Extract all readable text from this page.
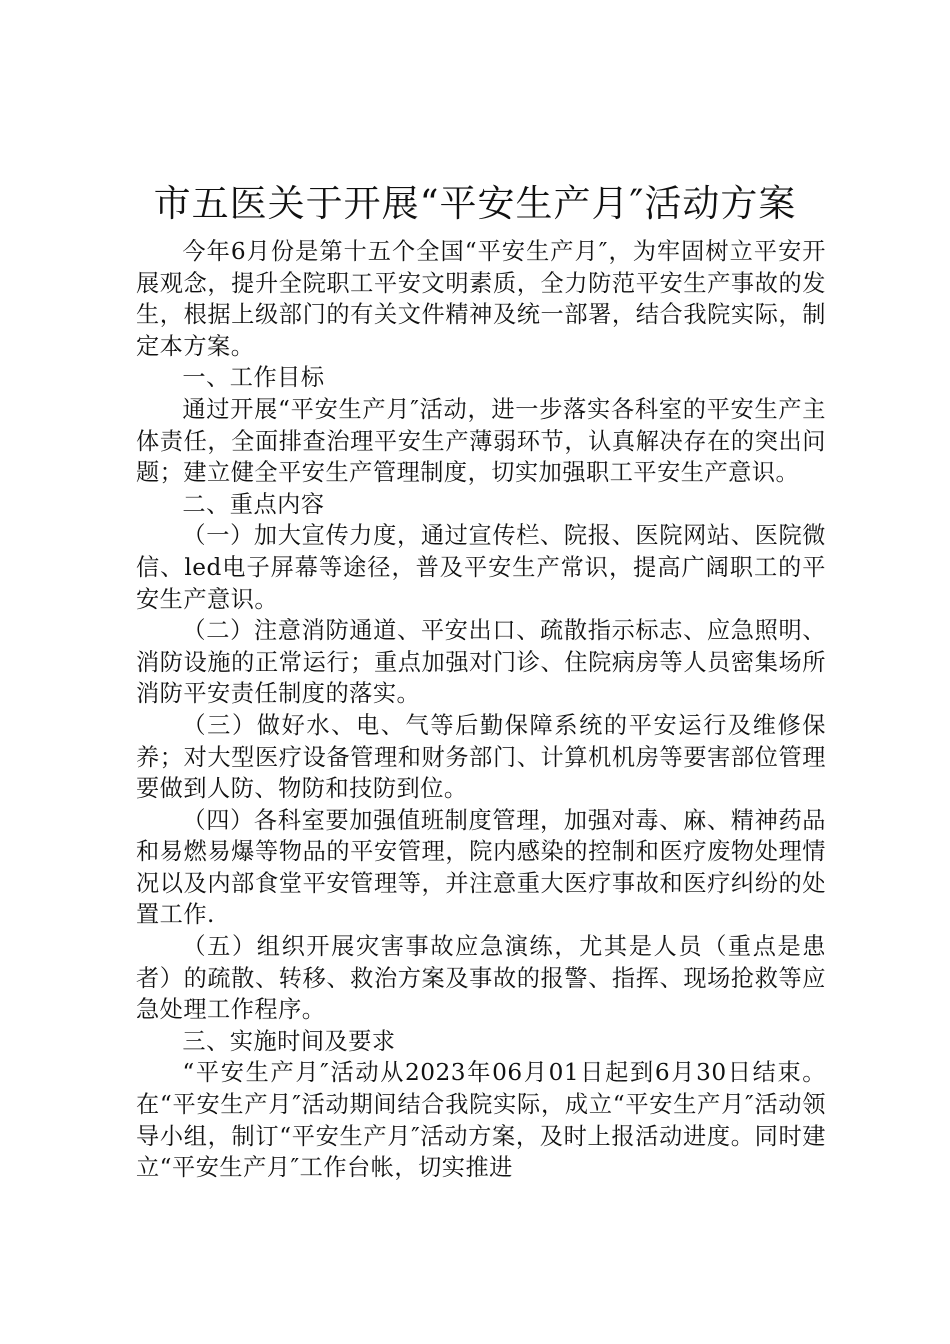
市五医关于开展“平安生产月″活动方案

今年6月份是第十五个全国“平安生产月″，为牢固树立平安开展观念，提升全院职工平安文明素质，全力防范平安生产事故的发生，根据上级部门的有关文件精神及统一部署，结合我院实际，制定本方案。

一、工作目标

通过开展“平安生产月″活动，进一步落实各科室的平安生产主体责任，全面排查治理平安生产薄弱环节，认真解决存在的突出问题；建立健全平安生产管理制度，切实加强职工平安生产意识。

二、重点内容

（一）加大宣传力度，通过宣传栏、院报、医院网站、医院微信、led电子屏幕等途径，普及平安生产常识，提高广阔职工的平安生产意识。

（二）注意消防通道、平安出口、疏散指示标志、应急照明、消防设施的正常运行；重点加强对门诊、住院病房等人员密集场所消防平安责任制度的落实。

（三）做好水、电、气等后勤保障系统的平安运行及维修保养；对大型医疗设备管理和财务部门、计算机机房等要害部位管理要做到人防、物防和技防到位。

（四）各科室要加强值班制度管理，加强对毒、麻、精神药品和易燃易爆等物品的平安管理，院内感染的控制和医疗废物处理情况以及内部食堂平安管理等，并注意重大医疗事故和医疗纠纷的处置工作.

（五）组织开展灾害事故应急演练，尤其是人员（重点是患者）的疏散、转移、救治方案及事故的报警、指挥、现场抢救等应急处理工作程序。

三、实施时间及要求

“平安生产月″活动从2023年06月01日起到6月30日结束。在“平安生产月″活动期间结合我院实际，成立“平安生产月″活动领导小组，制订“平安生产月″活动方案，及时上报活动进度。同时建立“平安生产月″工作台帐，切实推进
